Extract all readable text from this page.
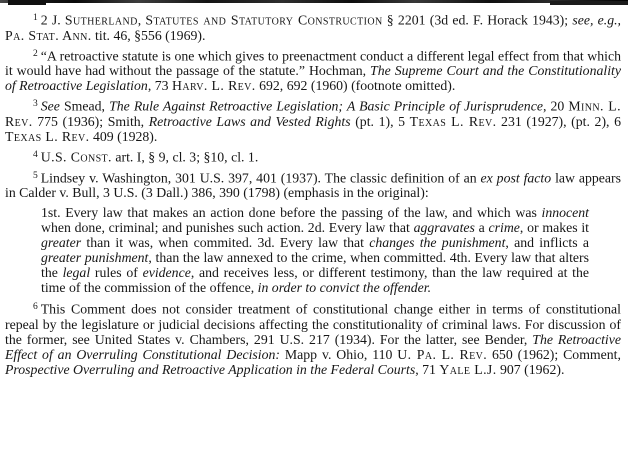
$^1$ 2 J. Sutherland, Statutes and Statutory Construction § 2201 (3d ed. F. Horack 1943); see, e.g., Pa. Stat. Ann. tit. 46, §556 (1969).

$^2$ “A retroactive statute is one which gives to preenactment conduct a different legal effect from that which it would have had without the passage of the statute.” Hochman, The Supreme Court and the Constitutionality of Retroactive Legislation, 73 Harv. L. Rev. 692, 692 (1960) (footnote omitted).

$^3$ See Smead, The Rule Against Retroactive Legislation; A Basic Principle of Jurisprudence, 20 Minn. L. Rev. 775 (1936); Smith, Retroactive Laws and Vested Rights (pt. 1), 5 Texas L. Rev. 231 (1927), (pt. 2), 6 Texas L. Rev. 409 (1928).

$^4$ U.S. Const. art. I, § 9, cl. 3; §10, cl. 1.

$^5$ Lindsey v. Washington, 301 U.S. 397, 401 (1937). The classic definition of an ex post facto law appears in Calder v. Bull, 3 U.S. (3 Dall.) 386, 390 (1798) (emphasis in the original):

1st. Every law that makes an action done before the passing of the law, and which was innocent when done, criminal; and punishes such action. 2d. Every law that aggravates a crime, or makes it greater than it was, when commited. 3d. Every law that changes the punishment, and inflicts a greater punishment, than the law annexed to the crime, when committed. 4th. Every law that alters the legal rules of evidence, and receives less, or different testimony, than the law required at the time of the commission of the offence, in order to convict the offender.

$^6$ This Comment does not consider treatment of constitutional change either in terms of constitutional repeal by the legislature or judicial decisions affecting the constitutionality of criminal laws. For discussion of the former, see United States v. Chambers, 291 U.S. 217 (1934). For the latter, see Bender, The Retroactive Effect of an Overruling Constitutional Decision: Mapp v. Ohio, 110 U. Pa. L. Rev. 650 (1962); Comment, Prospective Overruling and Retroactive Application in the Federal Courts, 71 Yale L.J. 907 (1962).
